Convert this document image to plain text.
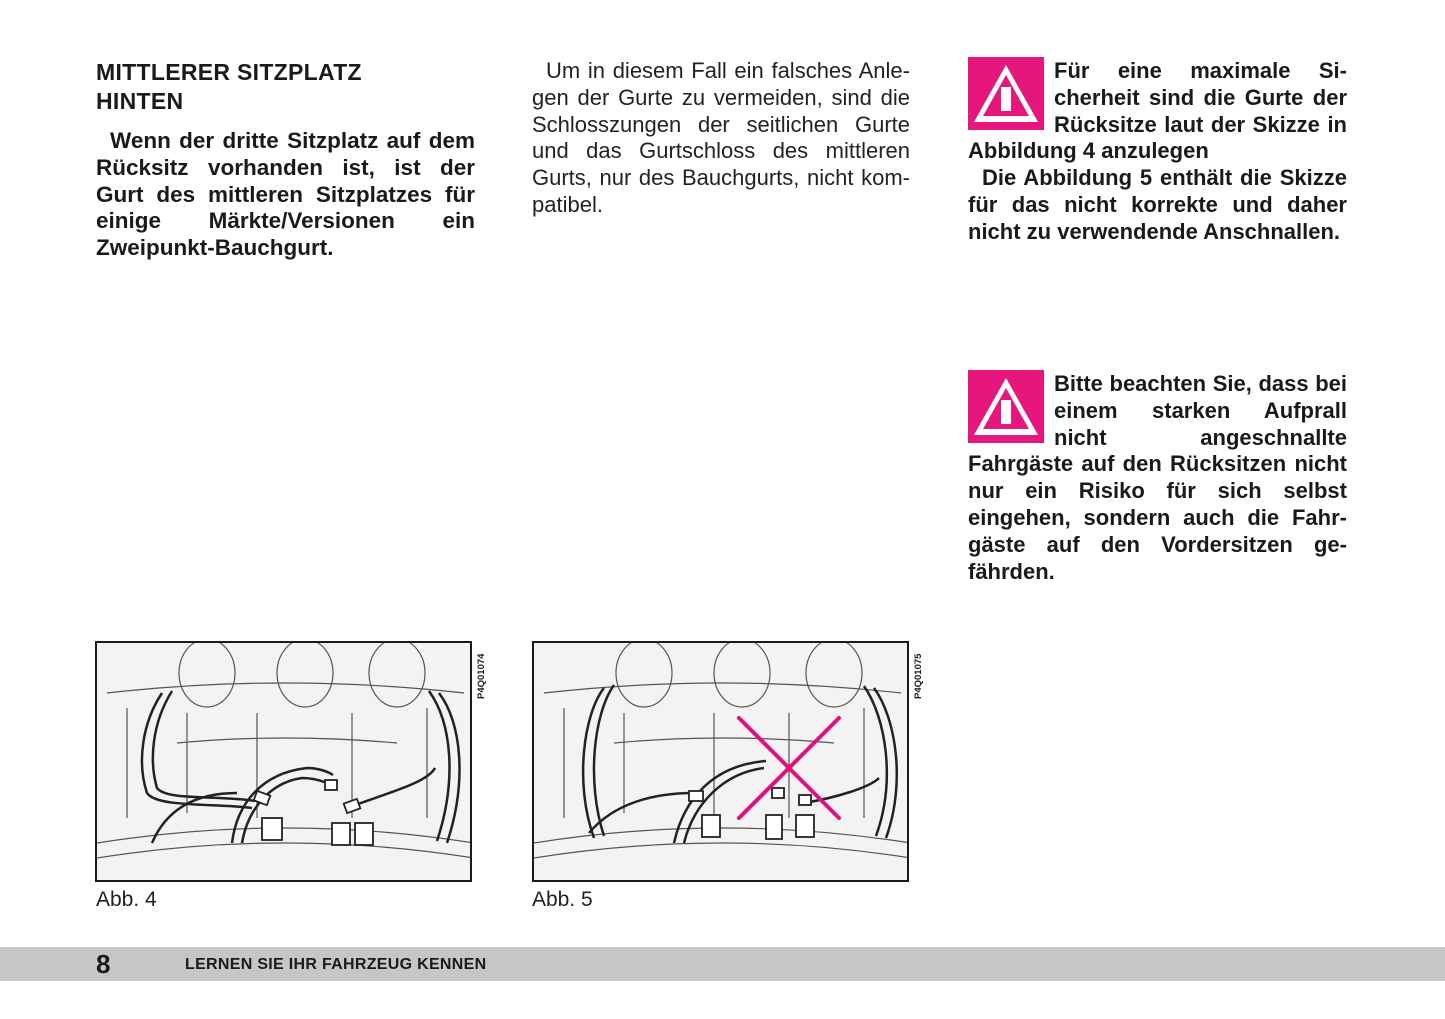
MITTLERER SITZPLATZ
HINTEN
Wenn der dritte Sitzplatz auf dem Rücksitz vorhanden ist, ist der Gurt des mittleren Sitzplatzes für einige Märkte/Versionen ein Zweipunkt-Bauchgurt.
Um in diesem Fall ein falsches Anlegen der Gurte zu vermeiden, sind die Schlosszungen der seitlichen Gurte und das Gurtschloss des mittleren Gurts, nur des Bauchgurts, nicht kompatibel.

Für eine maximale Sicherheit sind die Gurte der Rücksitze laut der Skizze in Abbildung 4 anzulegen

Die Abbildung 5 enthält die Skizze für das nicht korrekte und daher nicht zu verwendende Anschnallen.

Bitte beachten Sie, dass bei einem starken Aufprall nicht angeschnallte Fahrgäste auf den Rücksitzen nicht nur ein Risiko für sich selbst eingehen, sondern auch die Fahrgäste auf den Vordersitzen gefährden.

P4Q01074
Abb. 4
P4Q01075
Abb. 5
8	LERNEN SIE IHR FAHRZEUG KENNEN
